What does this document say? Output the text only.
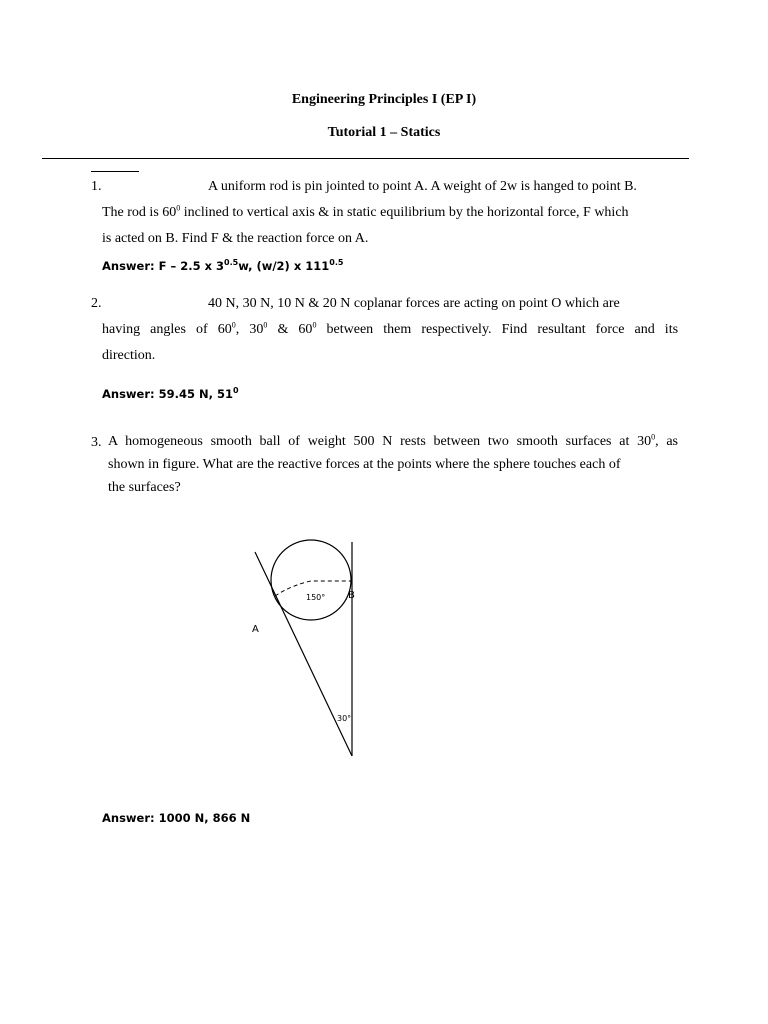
Engineering Principles I (EP I)
Tutorial 1 – Statics
1.	A uniform rod is pin jointed to point A. A weight of 2w is hanged to point B.
The rod is $60^0$ inclined to vertical axis & in static equilibrium by the horizontal force, F which
is acted on B. Find F & the reaction force on A.
Answer: F – 2.5 x $3^{0.5}w$, (w/2) x $111^{0.5}$
2.	40 N, 30 N, 10 N & 20 N coplanar forces are acting on point O which are
having angles of $60^0$, $30^0$ & $60^0$ between them respectively. Find resultant force and its
direction.
Answer: 59.45 N, $51^0$
3. A homogeneous smooth ball of weight 500 N rests between two smooth surfaces at $30^0$, as
shown in figure. What are the reactive forces at the points where the sphere touches each of
the surfaces?
150° B
A
30°
Answer: 1000 N, 866 N
